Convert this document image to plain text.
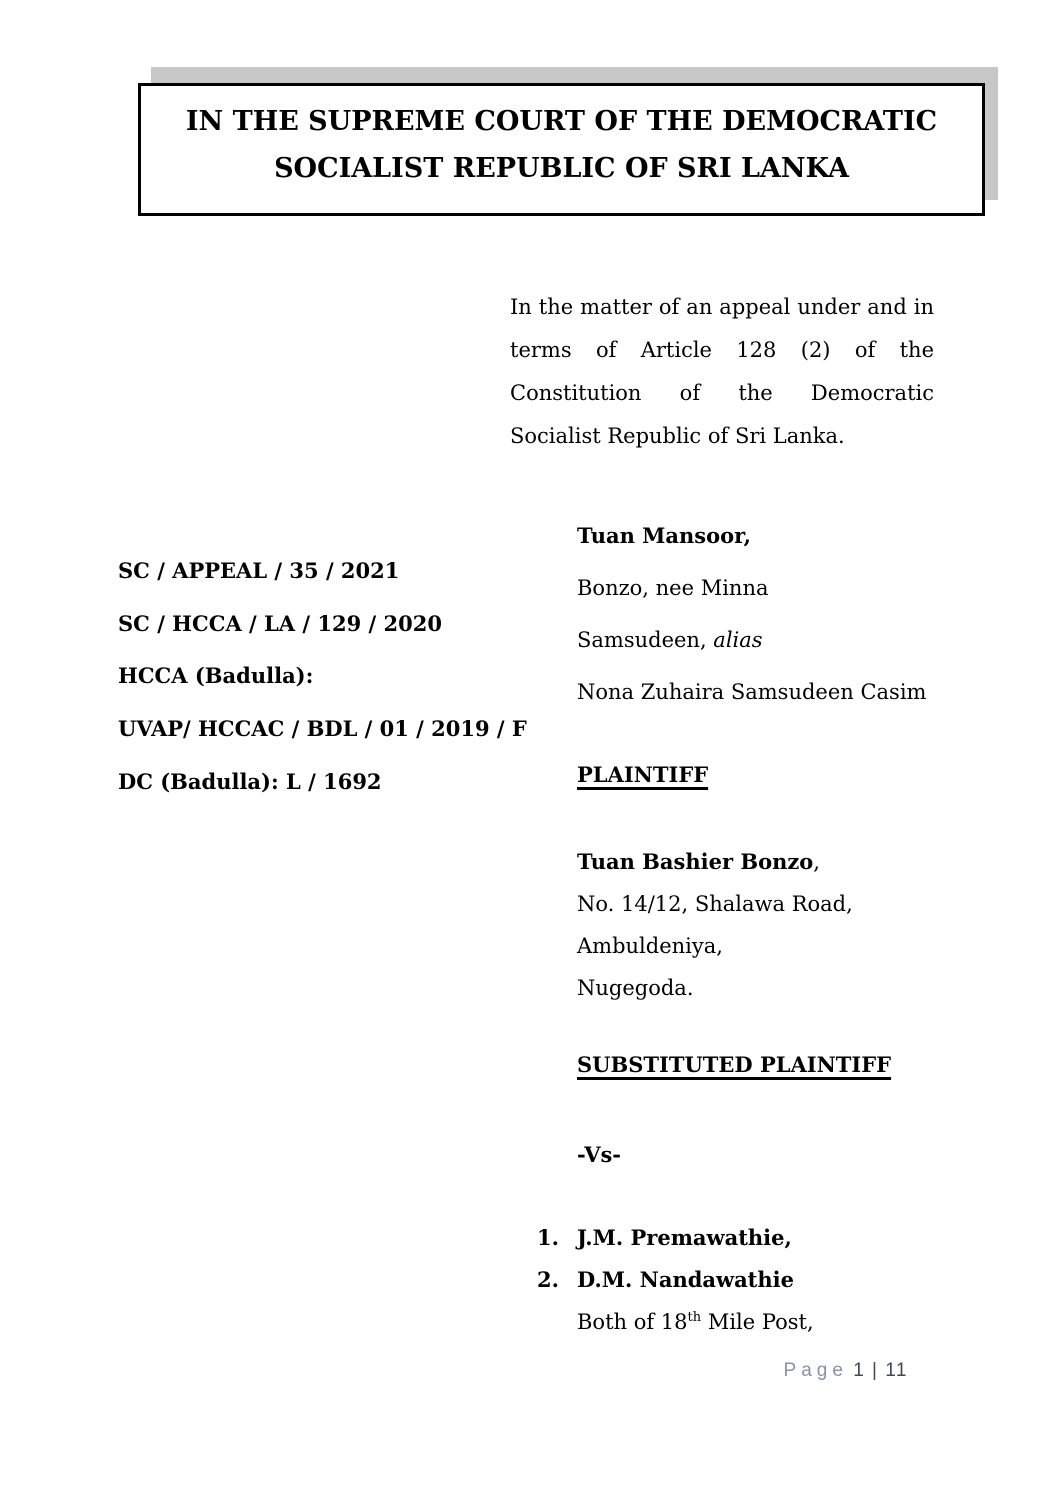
IN THE SUPREME COURT OF THE DEMOCRATIC
SOCIALIST REPUBLIC OF SRI LANKA
In the matter of an appeal under and in
terms of Article 128 (2) of the
Constitution of the Democratic
Socialist Republic of Sri Lanka.
SC / APPEAL / 35 / 2021
SC / HCCA / LA / 129 / 2020
HCCA (Badulla):
UVAP/ HCCAC / BDL / 01 / 2019 / F
DC (Badulla): L / 1692
Tuan Mansoor,
Bonzo, nee Minna
Samsudeen, alias
Nona Zuhaira Samsudeen Casim
PLAINTIFF
Tuan Bashier Bonzo,
No. 14/12, Shalawa Road,
Ambuldeniya,
Nugegoda.
SUBSTITUTED PLAINTIFF
-Vs-
1. J.M. Premawathie,
2. D.M. Nandawathie
Both of 18th Mile Post,
Page 1 | 11
